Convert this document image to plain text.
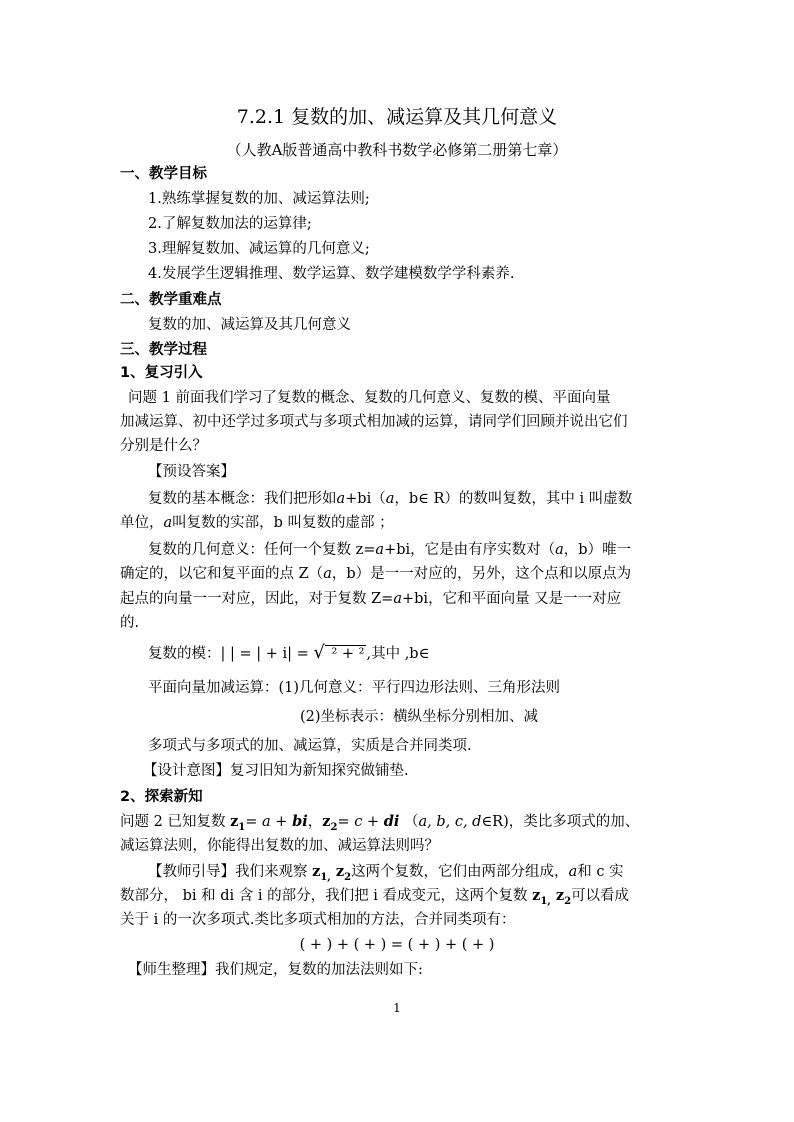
7.2.1 复数的加、减运算及其几何意义
（人教A版普通高中教科书数学必修第二册第七章）
一、教学目标
1.熟练掌握复数的加、减运算法则;
2.了解复数加法的运算律;
3.理解复数加、减运算的几何意义;
4.发展学生逻辑推理、数学运算、数学建模数学学科素养.
二、教学重难点
复数的加、减运算及其几何意义
三、教学过程
1、复习引入
问题 1 前面我们学习了复数的概念、复数的几何意义、复数的模、平面向量
加减运算、初中还学过多项式与多项式相加减的运算，请同学们回顾并说出它们
分别是什么？
【预设答案】
复数的基本概念：我们把形如a+bi（a，b∈ R）的数叫复数，其中 i 叫虚数
单位，a叫复数的实部，b 叫复数的虚部 ；
复数的几何意义：任何一个复数 z=a+bi，它是由有序实数对（a，b）唯一
确定的，以它和复平面的点 Z（a，b）是一一对应的，另外，这个点和以原点为
起点的向量一一对应，因此，对于复数 Z=a+bi，它和平面向量 又是一一对应
的.
复数的模：| | = | + i| = √ ² + ² ,其中 ,b∈
平面向量加减运算：(1)几何意义：平行四边形法则、三角形法则
(2)坐标表示：横纵坐标分别相加、减
多项式与多项式的加、减运算，实质是合并同类项.
【设计意图】复习旧知为新知探究做铺垫.
2、探索新知
问题 2 已知复数 $z_1= a$ + bi，$z_2= c$ + di （a, b, c, d∈R)，类比多项式的加、
减运算法则，你能得出复数的加、减运算法则吗？
【教师引导】我们来观察 $z_{1,}$ $z_2$这两个复数，它们由两部分组成，a和 c 实
数部分， bi 和 di 含 i 的部分，我们把 i 看成变元，这两个复数 $z_{1,}$ $z_2$可以看成
关于 i 的一次多项式.类比多项式相加的方法，合并同类项有：
( + ) + ( + ) = ( + ) + ( + )
【师生整理】我们规定，复数的加法法则如下:
1
